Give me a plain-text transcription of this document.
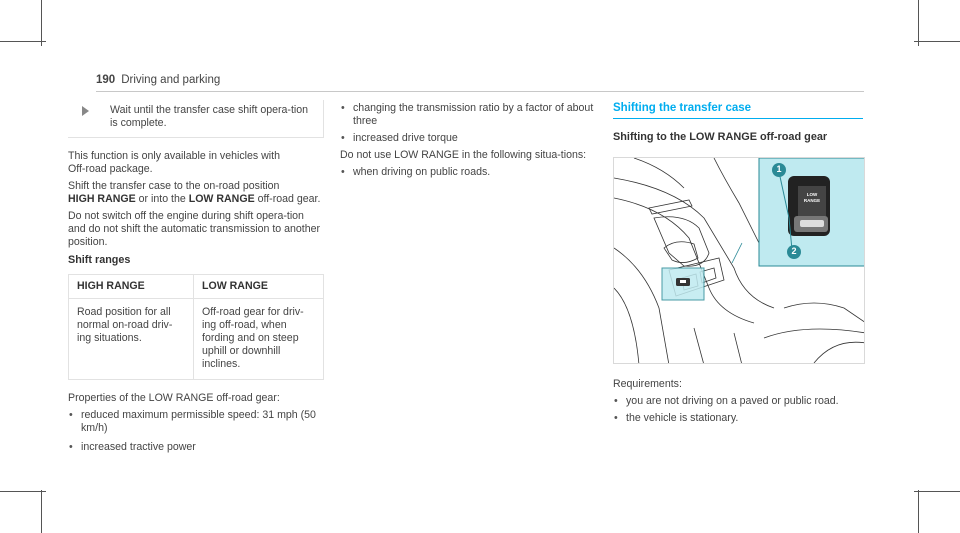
190 Driving and parking
Wait until the transfer case shift opera-tion is complete.

This function is only available in vehicles with
Off-road package.

Shift the transfer case to the on-road position
HIGH RANGE or into the LOW RANGE off-road gear.

Do not switch off the engine during shift opera-tion and do not shift the automatic transmission to another position.

Shift ranges
HIGH RANGE	LOW RANGE
Road position for all normal on-road driv-ing situations.	Off-road gear for driv-ing off-road, when fording and on steep uphill or downhill inclines.

Properties of the LOW RANGE off-road gear:

• reduced maximum permissible speed: 31 mph (50 km/h)
• increased tractive power
• changing the transmission ratio by a factor of about three
• increased drive torque

Do not use LOW RANGE in the following situa-tions:

• when driving on public roads.
Shifting the transfer case
Shifting to the LOW RANGE off-road gear
1
2
LOW
RANGE

Requirements:

• you are not driving on a paved or public road.
• the vehicle is stationary.
